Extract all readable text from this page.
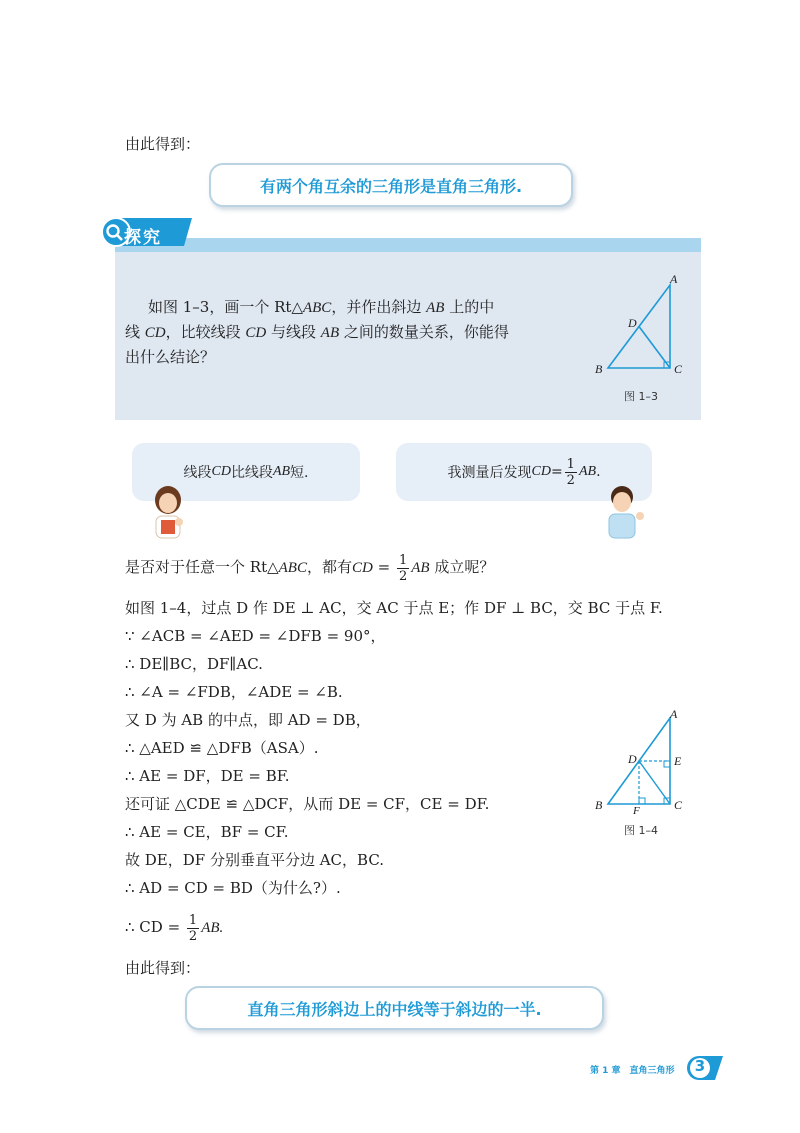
由此得到：
有两个角互余的三角形是直角三角形.
探究
如图 1–3，画一个 Rt△ABC，并作出斜边 AB 上的中
线 CD，比较线段 CD 与线段 AB 之间的数量关系，你能得
出什么结论？
A
B	C
D
图 1–3
线段 CD 比线段 AB 短.	我测量后发现 CD = $\frac{1}{2}$ AB .
是否对于任意一个 Rt△ABC，都有CD = $\frac{1}{2}$ AB 成立呢？
如图 1–4，过点 D 作 DE ⊥ AC，交 AC 于点 E；作 DF ⊥ BC，交 BC 于点 F.
∵ ∠ACB = ∠AED = ∠DFB = 90°，
∴ DE∥BC，DF∥AC.
∴ ∠A = ∠FDB，∠ADE = ∠B.
又 D 为 AB 的中点，即 AD = DB，
∴ △AED ≌ △DFB（ASA）.
∴ AE = DF，DE = BF.
还可证 △CDE ≌ △DCF，从而 DE = CF，CE = DF.
∴ AE = CE，BF = CF.
故 DE，DF 分别垂直平分边 AC，BC.
∴ AD = CD = BD（为什么?）.
∴ CD = $\frac{1}{2}$ AB.
A
B	C
D	E
F
图 1–4
由此得到：
直角三角形斜边上的中线等于斜边的一半.
第 1 章　直角三角形 3
